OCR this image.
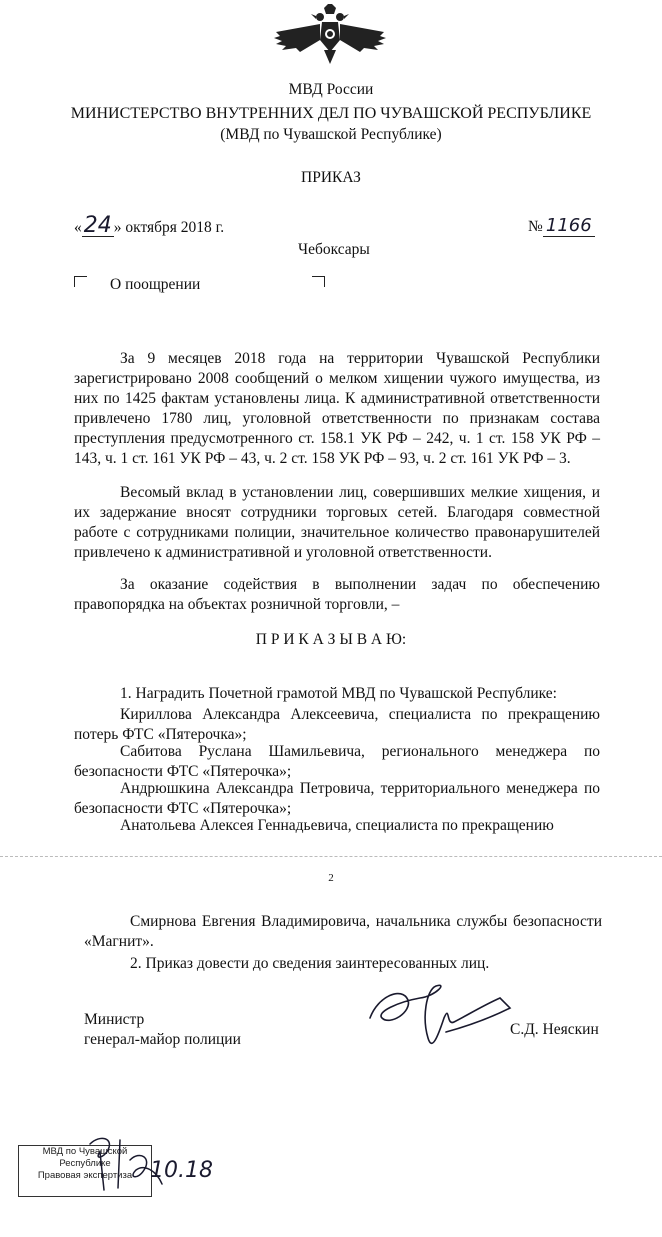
МВД России
МИНИСТЕРСТВО ВНУТРЕННИХ ДЕЛ ПО ЧУВАШСКОЙ РЕСПУБЛИКЕ
(МВД по Чувашской Республике)
ПРИКАЗ
«24 » октября 2018 г.	№ 1166
Чебоксары
О поощрении
За 9 месяцев 2018 года на территории Чувашской Республики зарегистрировано 2008 сообщений о мелком хищении чужого имущества, из них по 1425 фактам установлены лица. К административной ответственности привлечено 1780 лиц, уголовной ответственности по признакам состава преступления предусмотренного ст. 158.1 УК РФ – 242, ч. 1 ст. 158 УК РФ – 143, ч. 1 ст. 161 УК РФ – 43, ч. 2 ст. 158 УК РФ – 93, ч. 2 ст. 161 УК РФ – 3.
Весомый вклад в установлении лиц, совершивших мелкие хищения, и их задержание вносят сотрудники торговых сетей. Благодаря совместной работе с сотрудниками полиции, значительное количество правонарушителей привлечено к административной и уголовной ответственности.
За оказание содействия в выполнении задач по обеспечению правопорядка на объектах розничной торговли, –
П Р И К А З Ы В А Ю:
1. Наградить Почетной грамотой МВД по Чувашской Республике:
Кириллова Александра Алексеевича, специалиста по прекращению потерь ФТС «Пятерочка»;
Сабитова Руслана Шамильевича, регионального менеджера по безопасности ФТС «Пятерочка»;
Андрюшкина Александра Петровича, территориального менеджера по безопасности ФТС «Пятерочка»;
Анатольева Алексея Геннадьевича, специалиста по прекращению
2
Смирнова Евгения Владимировича, начальника службы безопасности «Магнит».
2. Приказ довести до сведения заинтересованных лиц.
Министр
генерал-майор полиции
С.Д. Неяскин
МВД по Чувашской
Республике
Правовая экспертиза 10.18
